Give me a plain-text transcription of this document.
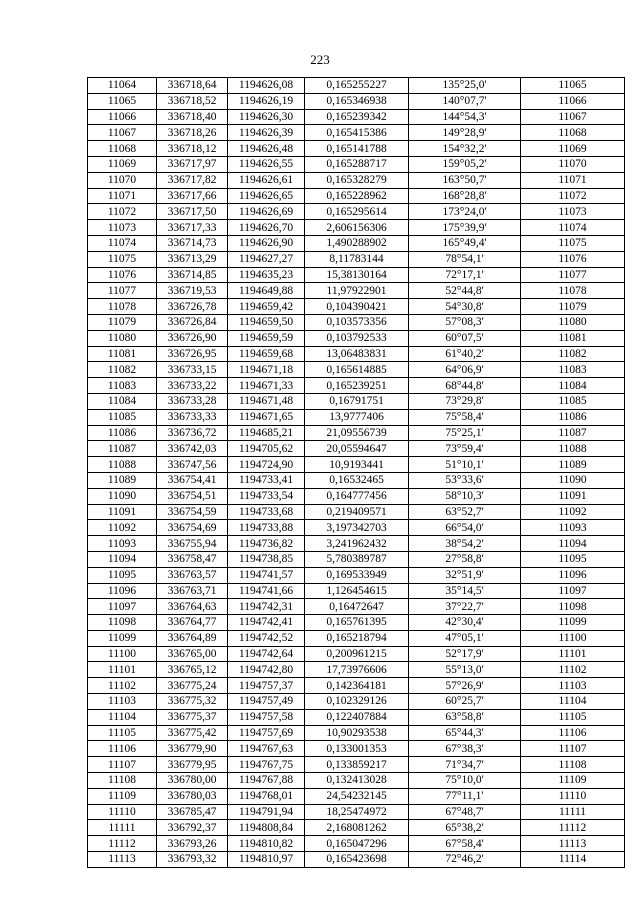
223
11064	336718,64	1194626,08	0,165255227	135°25,0'	11065
11065	336718,52	1194626,19	0,165346938	140°07,7'	11066
11066	336718,40	1194626,30	0,165239342	144°54,3'	11067
11067	336718,26	1194626,39	0,165415386	149°28,9'	11068
11068	336718,12	1194626,48	0,165141788	154°32,2'	11069
11069	336717,97	1194626,55	0,165288717	159°05,2'	11070
11070	336717,82	1194626,61	0,165328279	163°50,7'	11071
11071	336717,66	1194626,65	0,165228962	168°28,8'	11072
11072	336717,50	1194626,69	0,165295614	173°24,0'	11073
11073	336717,33	1194626,70	2,606156306	175°39,9'	11074
11074	336714,73	1194626,90	1,490288902	165°49,4'	11075
11075	336713,29	1194627,27	8,11783144	78°54,1'	11076
11076	336714,85	1194635,23	15,38130164	72°17,1'	11077
11077	336719,53	1194649,88	11,97922901	52°44,8'	11078
11078	336726,78	1194659,42	0,104390421	54°30,8'	11079
11079	336726,84	1194659,50	0,103573356	57°08,3'	11080
11080	336726,90	1194659,59	0,103792533	60°07,5'	11081
11081	336726,95	1194659,68	13,06483831	61°40,2'	11082
11082	336733,15	1194671,18	0,165614885	64°06,9'	11083
11083	336733,22	1194671,33	0,165239251	68°44,8'	11084
11084	336733,28	1194671,48	0,16791751	73°29,8'	11085
11085	336733,33	1194671,65	13,9777406	75°58,4'	11086
11086	336736,72	1194685,21	21,09556739	75°25,1'	11087
11087	336742,03	1194705,62	20,05594647	73°59,4'	11088
11088	336747,56	1194724,90	10,9193441	51°10,1'	11089
11089	336754,41	1194733,41	0,16532465	53°33,6'	11090
11090	336754,51	1194733,54	0,164777456	58°10,3'	11091
11091	336754,59	1194733,68	0,219409571	63°52,7'	11092
11092	336754,69	1194733,88	3,197342703	66°54,0'	11093
11093	336755,94	1194736,82	3,241962432	38°54,2'	11094
11094	336758,47	1194738,85	5,780389787	27°58,8'	11095
11095	336763,57	1194741,57	0,169533949	32°51,9'	11096
11096	336763,71	1194741,66	1,126454615	35°14,5'	11097
11097	336764,63	1194742,31	0,16472647	37°22,7'	11098
11098	336764,77	1194742,41	0,165761395	42°30,4'	11099
11099	336764,89	1194742,52	0,165218794	47°05,1'	11100
11100	336765,00	1194742,64	0,200961215	52°17,9'	11101
11101	336765,12	1194742,80	17,73976606	55°13,0'	11102
11102	336775,24	1194757,37	0,142364181	57°26,9'	11103
11103	336775,32	1194757,49	0,102329126	60°25,7'	11104
11104	336775,37	1194757,58	0,122407884	63°58,8'	11105
11105	336775,42	1194757,69	10,90293538	65°44,3'	11106
11106	336779,90	1194767,63	0,133001353	67°38,3'	11107
11107	336779,95	1194767,75	0,133859217	71°34,7'	11108
11108	336780,00	1194767,88	0,132413028	75°10,0'	11109
11109	336780,03	1194768,01	24,54232145	77°11,1'	11110
11110	336785,47	1194791,94	18,25474972	67°48,7'	11111
11111	336792,37	1194808,84	2,168081262	65°38,2'	11112
11112	336793,26	1194810,82	0,165047296	67°58,4'	11113
11113	336793,32	1194810,97	0,165423698	72°46,2'	11114
